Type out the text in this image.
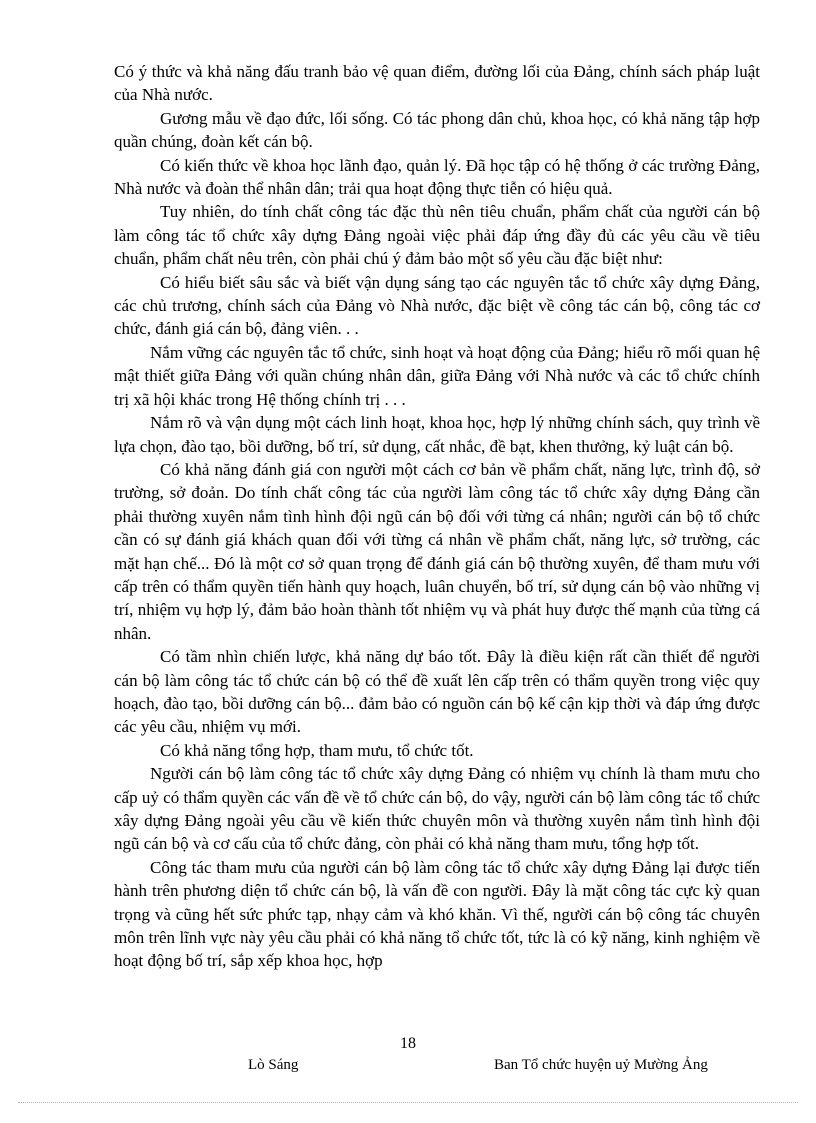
Có ý thức và khả năng đấu tranh bảo vệ quan điểm, đường lối của Đảng, chính sách pháp luật của Nhà nước.

Gương mẫu về đạo đức, lối sống. Có tác phong dân chủ, khoa học, có khả năng tập hợp quần chúng, đoàn kết cán bộ.

Có kiến thức về khoa học lãnh đạo, quản lý. Đã học tập có hệ thống ở các trường Đảng, Nhà nước và đoàn thể nhân dân; trải qua hoạt động thực tiễn có hiệu quả.

Tuy nhiên, do tính chất công tác đặc thù nên tiêu chuẩn, phẩm chất của người cán bộ làm công tác tổ chức xây dựng Đảng ngoài việc phải đáp ứng đầy đủ các yêu cầu về tiêu chuẩn, phẩm chất nêu trên, còn phải chú ý đảm bảo một số yêu cầu đặc biệt như:

Có hiểu biết sâu sắc và biết vận dụng sáng tạo các nguyên tắc tổ chức xây dựng Đảng, các chủ trương, chính sách của Đảng vò Nhà nước, đặc biệt về công tác cán bộ, công tác cơ chức, đánh giá cán bộ, đảng viên. . .

Nắm vững các nguyên tắc tổ chức, sinh hoạt và hoạt động của Đảng; hiểu rõ mối quan hệ mật thiết giữa Đảng với quần chúng nhân dân, giữa Đảng với Nhà nước và các tổ chức chính trị xã hội khác trong Hệ thống chính trị . . .

Nắm rõ và vận dụng một cách linh hoạt, khoa học, hợp lý những chính sách, quy trình về lựa chọn, đào tạo, bồi dưỡng, bố trí, sử dụng, cất nhắc, đề bạt, khen thưởng, kỷ luật cán bộ.

Có khả năng đánh giá con người một cách cơ bản về phẩm chất, năng lực, trình độ, sở trường, sở đoản. Do tính chất công tác của người làm công tác tổ chức xây dựng Đảng cần phải thường xuyên nắm tình hình đội ngũ cán bộ đối với từng cá nhân; người cán bộ tổ chức cần có sự đánh giá khách quan đối với từng cá nhân về phẩm chất, năng lực, sở trường, các mặt hạn chế... Đó là một cơ sở quan trọng để đánh giá cán bộ thường xuyên, để tham mưu với cấp trên có thẩm quyền tiến hành quy hoạch, luân chuyển, bố trí, sử dụng cán bộ vào những vị trí, nhiệm vụ hợp lý, đảm bảo hoàn thành tốt nhiệm vụ và phát huy được thế mạnh của từng cá nhân.

Có tầm nhìn chiến lược, khả năng dự báo tốt. Đây là điều kiện rất cần thiết để người cán bộ làm công tác tổ chức cán bộ có thể đề xuất lên cấp trên có thẩm quyền trong việc quy hoạch, đào tạo, bồi dưỡng cán bộ... đảm bảo có nguồn cán bộ kế cận kịp thời và đáp ứng được các yêu cầu, nhiệm vụ mới.

Có khả năng tổng hợp, tham mưu, tổ chức tốt.

Người cán bộ làm công tác tổ chức xây dựng Đảng có nhiệm vụ chính là tham mưu cho cấp uỷ có thẩm quyền các vấn đề về tổ chức cán bộ, do vậy, người cán bộ làm công tác tổ chức xây dựng Đảng ngoài yêu cầu về kiến thức chuyên môn và thường xuyên nắm tình hình đội ngũ cán bộ và cơ cấu của tổ chức đảng, còn phải có khả năng tham mưu, tổng hợp tốt.

Công tác tham mưu của người cán bộ làm công tác tổ chức xây dựng Đảng lại được tiến hành trên phương diện tổ chức cán bộ, là vấn đề con người. Đây là mặt công tác cực kỳ quan trọng và cũng hết sức phức tạp, nhạy cảm và khó khăn. Vì thế, người cán bộ công tác chuyên môn trên lĩnh vực này yêu cầu phải có khả năng tổ chức tốt, tức là có kỹ năng, kinh nghiệm về hoạt động bố trí, sắp xếp khoa học, hợp

18
Lò Sáng	Ban Tổ chức huyện uỷ Mường Ảng
